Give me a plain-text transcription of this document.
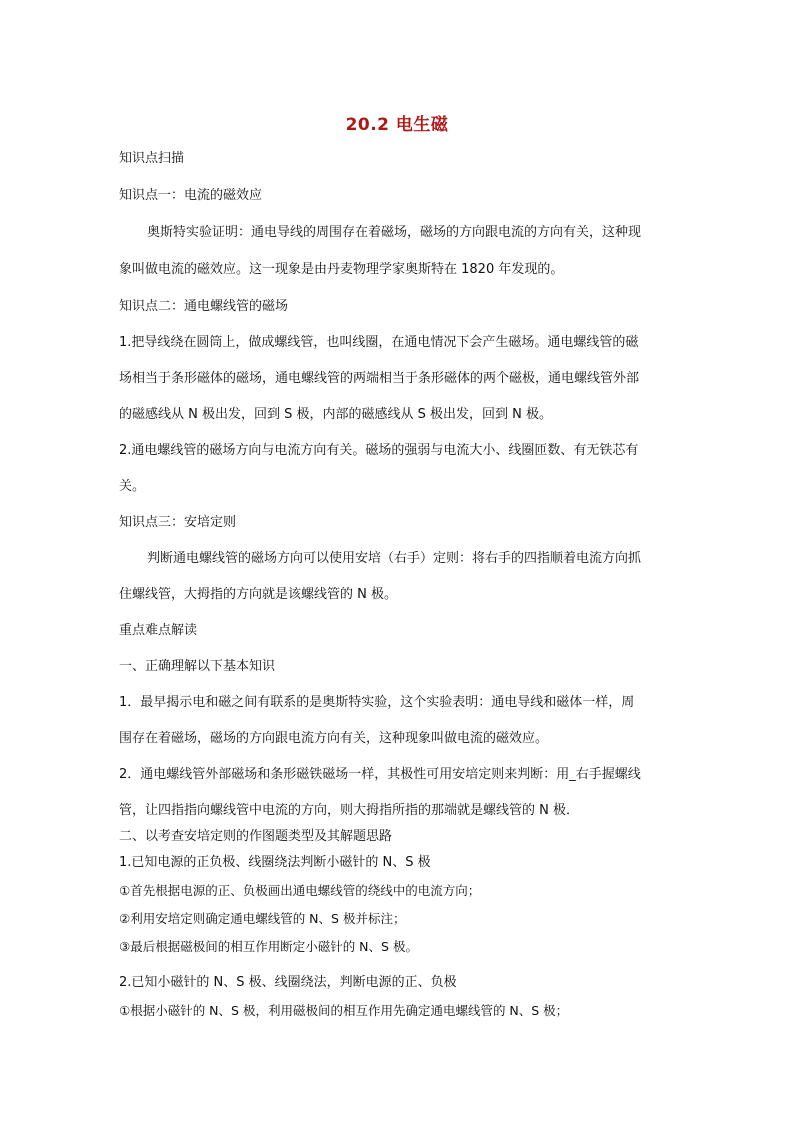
20.2 电生磁
知识点扫描
知识点一：电流的磁效应
奥斯特实验证明：通电导线的周围存在着磁场，磁场的方向跟电流的方向有关，这种现
象叫做电流的磁效应。这一现象是由丹麦物理学家奥斯特在 1820 年发现的。
知识点二：通电螺线管的磁场
1.把导线绕在圆筒上，做成螺线管，也叫线圈，在通电情况下会产生磁场。通电螺线管的磁
场相当于条形磁体的磁场，通电螺线管的两端相当于条形磁体的两个磁极，通电螺线管外部
的磁感线从 N 极出发，回到 S 极，内部的磁感线从 S 极出发，回到 N 极。
2.通电螺线管的磁场方向与电流方向有关。磁场的强弱与电流大小、线圈匝数、有无铁芯有
关。
知识点三：安培定则
判断通电螺线管的磁场方向可以使用安培（右手）定则：将右手的四指顺着电流方向抓
住螺线管，大拇指的方向就是该螺线管的 N 极。
重点难点解读
一、正确理解以下基本知识
1．最早揭示电和磁之间有联系的是奥斯特实验，这个实验表明：通电导线和磁体一样，周
围存在着磁场，磁场的方向跟电流方向有关，这种现象叫做电流的磁效应。
2．通电螺线管外部磁场和条形磁铁磁场一样，其极性可用安培定则来判断：用_右手握螺线
管，让四指指向螺线管中电流的方向，则大拇指所指的那端就是螺线管的 N 极．
二、以考查安培定则的作图题类型及其解题思路
1.已知电源的正负极、线圈绕法判断小磁针的 N、S 极
①首先根据电源的正、负极画出通电螺线管的绕线中的电流方向；
②利用安培定则确定通电螺线管的 N、S 极并标注；
③最后根据磁极间的相互作用断定小磁针的 N、S 极。
2.已知小磁针的 N、S 极、线圈绕法，判断电源的正、负极
①根据小磁针的 N、S 极，利用磁极间的相互作用先确定通电螺线管的 N、S 极；
